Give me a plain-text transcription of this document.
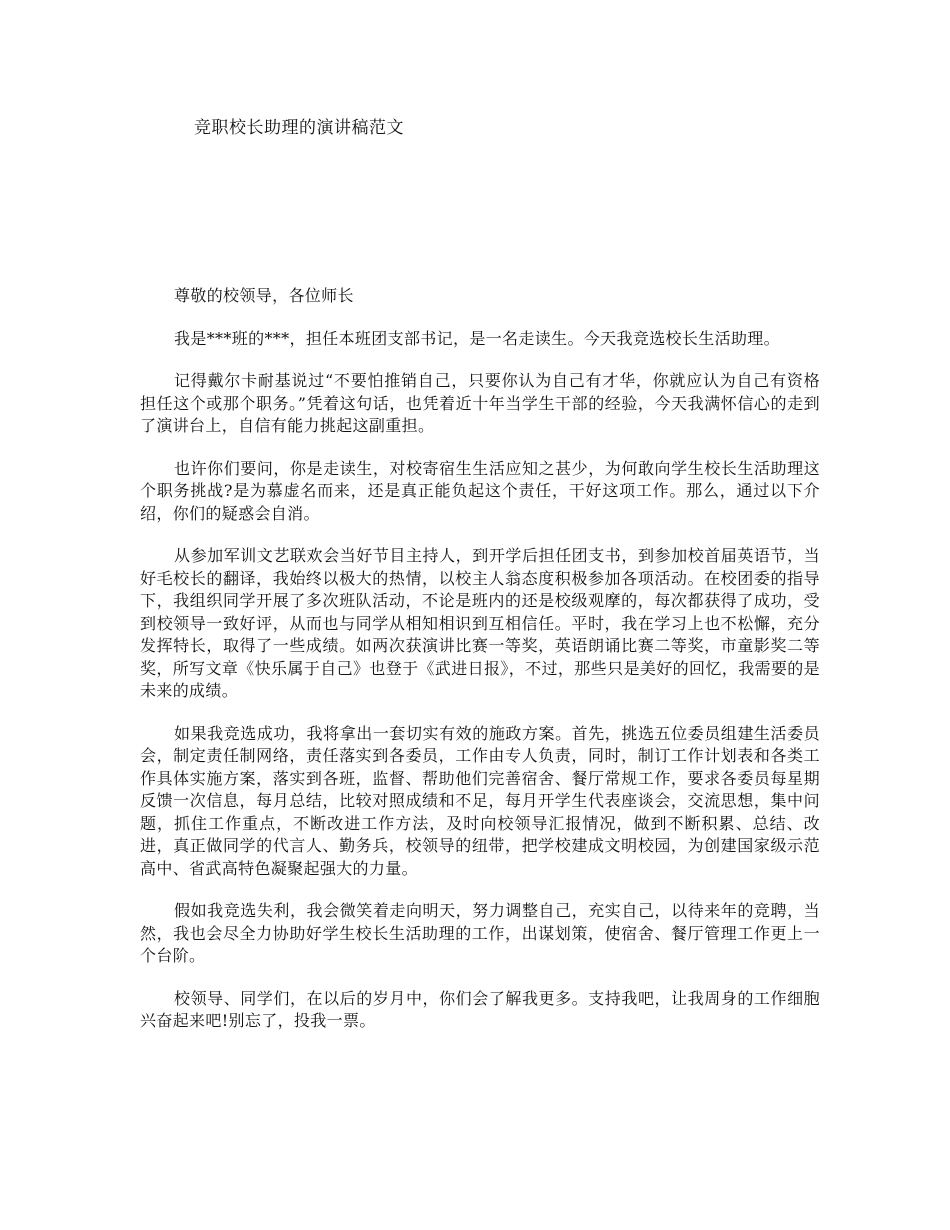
竞职校长助理的演讲稿范文

尊敬的校领导，各位师长

我是***班的***，担任本班团支部书记，是一名走读生。今天我竞选校长生活助理。

记得戴尔卡耐基说过“不要怕推销自己，只要你认为自己有才华，你就应认为自己有资格担任这个或那个职务。”凭着这句话，也凭着近十年当学生干部的经验，今天我满怀信心的走到了演讲台上，自信有能力挑起这副重担。

也许你们要问，你是走读生，对校寄宿生生活应知之甚少，为何敢向学生校长生活助理这个职务挑战?是为慕虚名而来，还是真正能负起这个责任，干好这项工作。那么，通过以下介绍，你们的疑惑会自消。

从参加军训文艺联欢会当好节目主持人，到开学后担任团支书，到参加校首届英语节，当好毛校长的翻译，我始终以极大的热情，以校主人翁态度积极参加各项活动。在校团委的指导下，我组织同学开展了多次班队活动，不论是班内的还是校级观摩的，每次都获得了成功，受到校领导一致好评，从而也与同学从相知相识到互相信任。平时，我在学习上也不松懈，充分发挥特长，取得了一些成绩。如两次获演讲比赛一等奖，英语朗诵比赛二等奖，市童影奖二等奖，所写文章《快乐属于自己》也登于《武进日报》，不过，那些只是美好的回忆，我需要的是未来的成绩。

如果我竞选成功，我将拿出一套切实有效的施政方案。首先，挑选五位委员组建生活委员会，制定责任制网络，责任落实到各委员，工作由专人负责，同时，制订工作计划表和各类工作具体实施方案，落实到各班，监督、帮助他们完善宿舍、餐厅常规工作，要求各委员每星期反馈一次信息，每月总结，比较对照成绩和不足，每月开学生代表座谈会，交流思想，集中问题，抓住工作重点，不断改进工作方法，及时向校领导汇报情况，做到不断积累、总结、改进，真正做同学的代言人、勤务兵，校领导的纽带，把学校建成文明校园，为创建国家级示范高中、省武高特色凝聚起强大的力量。

假如我竞选失利，我会微笑着走向明天，努力调整自己，充实自己，以待来年的竞聘，当然，我也会尽全力协助好学生校长生活助理的工作，出谋划策，使宿舍、餐厅管理工作更上一个台阶。

校领导、同学们，在以后的岁月中，你们会了解我更多。支持我吧，让我周身的工作细胞兴奋起来吧!别忘了，投我一票。
